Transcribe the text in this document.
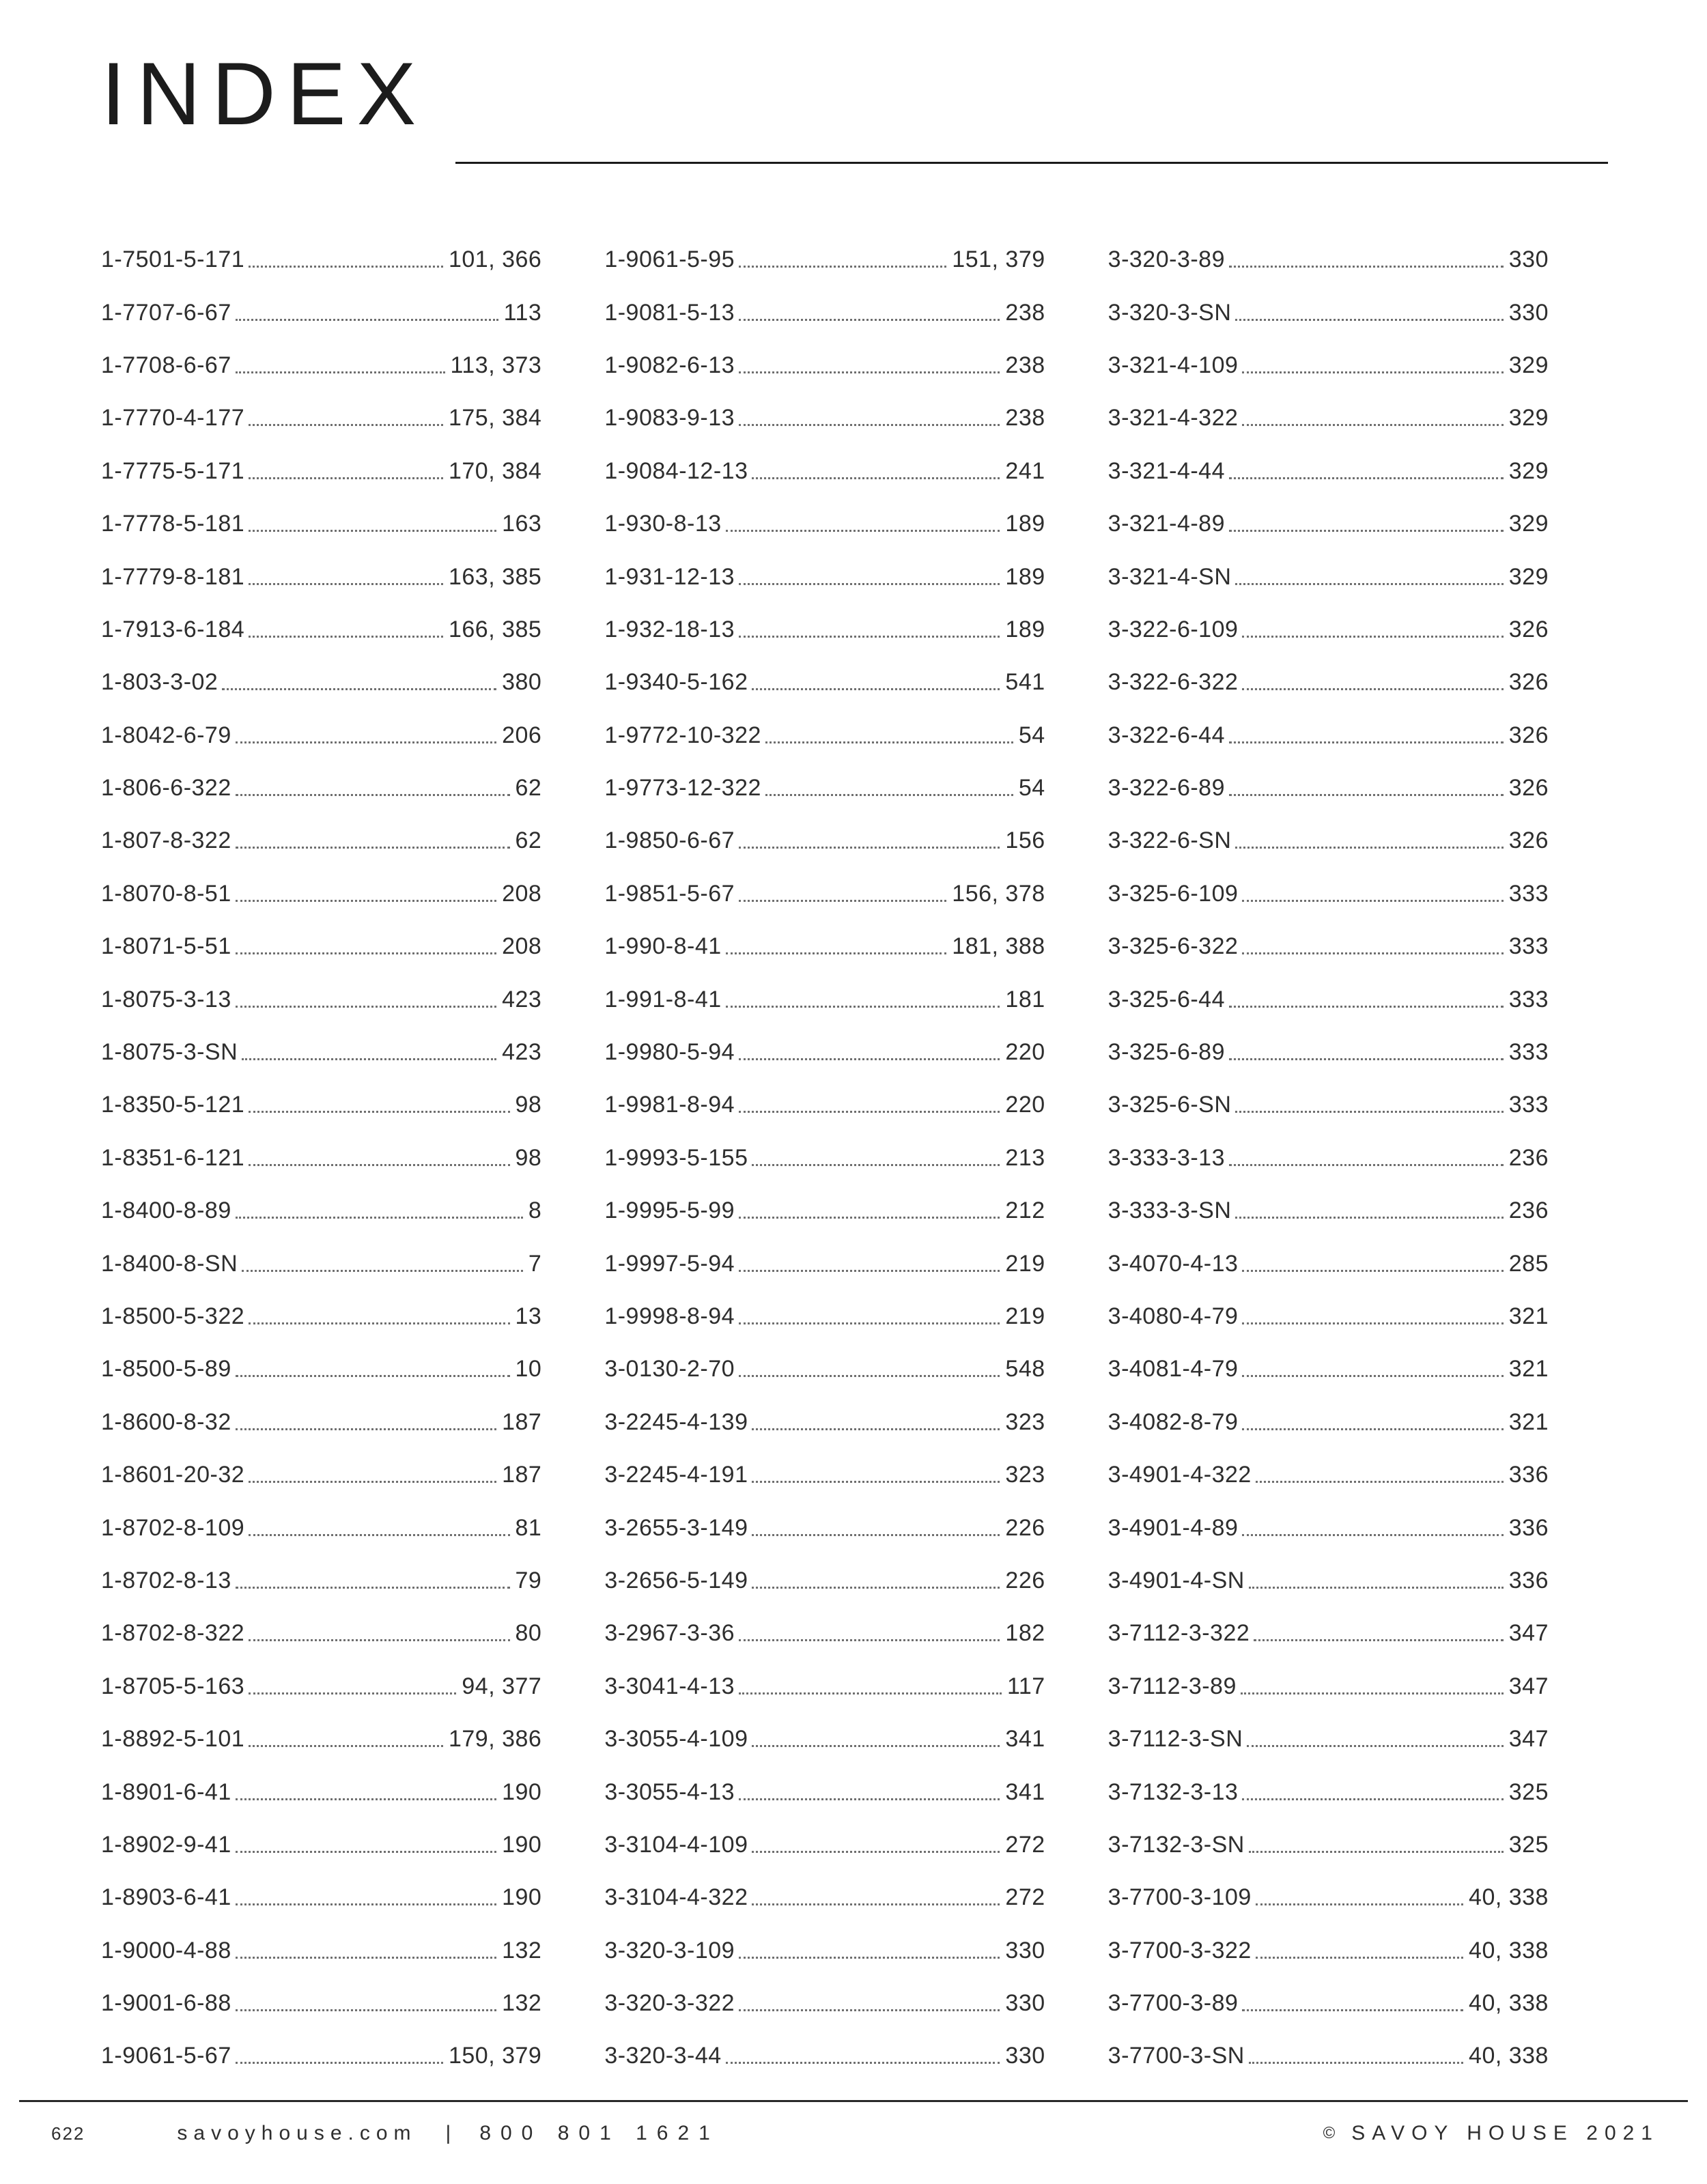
INDEX
1-7501-5-171	101, 366
1-7707-6-67	113
1-7708-6-67	113, 373
1-7770-4-177	175, 384
1-7775-5-171	170, 384
1-7778-5-181	163
1-7779-8-181	163, 385
1-7913-6-184	166, 385
1-803-3-02	380
1-8042-6-79	206
1-806-6-322	62
1-807-8-322	62
1-8070-8-51	208
1-8071-5-51	208
1-8075-3-13	423
1-8075-3-SN	423
1-8350-5-121	98
1-8351-6-121	98
1-8400-8-89	8
1-8400-8-SN	7
1-8500-5-322	13
1-8500-5-89	10
1-8600-8-32	187
1-8601-20-32	187
1-8702-8-109	81
1-8702-8-13	79
1-8702-8-322	80
1-8705-5-163	94, 377
1-8892-5-101	179, 386
1-8901-6-41	190
1-8902-9-41	190
1-8903-6-41	190
1-9000-4-88	132
1-9001-6-88	132
1-9061-5-67	150, 379
1-9061-5-95	151, 379
1-9081-5-13	238
1-9082-6-13	238
1-9083-9-13	238
1-9084-12-13	241
1-930-8-13	189
1-931-12-13	189
1-932-18-13	189
1-9340-5-162	541
1-9772-10-322	54
1-9773-12-322	54
1-9850-6-67	156
1-9851-5-67	156, 378
1-990-8-41	181, 388
1-991-8-41	181
1-9980-5-94	220
1-9981-8-94	220
1-9993-5-155	213
1-9995-5-99	212
1-9997-5-94	219
1-9998-8-94	219
3-0130-2-70	548
3-2245-4-139	323
3-2245-4-191	323
3-2655-3-149	226
3-2656-5-149	226
3-2967-3-36	182
3-3041-4-13	117
3-3055-4-109	341
3-3055-4-13	341
3-3104-4-109	272
3-3104-4-322	272
3-320-3-109	330
3-320-3-322	330
3-320-3-44	330
3-320-3-89	330
3-320-3-SN	330
3-321-4-109	329
3-321-4-322	329
3-321-4-44	329
3-321-4-89	329
3-321-4-SN	329
3-322-6-109	326
3-322-6-322	326
3-322-6-44	326
3-322-6-89	326
3-322-6-SN	326
3-325-6-109	333
3-325-6-322	333
3-325-6-44	333
3-325-6-89	333
3-325-6-SN	333
3-333-3-13	236
3-333-3-SN	236
3-4070-4-13	285
3-4080-4-79	321
3-4081-4-79	321
3-4082-8-79	321
3-4901-4-322	336
3-4901-4-89	336
3-4901-4-SN	336
3-7112-3-322	347
3-7112-3-89	347
3-7112-3-SN	347
3-7132-3-13	325
3-7132-3-SN	325
3-7700-3-109	40, 338
3-7700-3-322	40, 338
3-7700-3-89	40, 338
3-7700-3-SN	40, 338
622	savoyhouse.com | 800 801 1621	© SAVOY HOUSE 2021
